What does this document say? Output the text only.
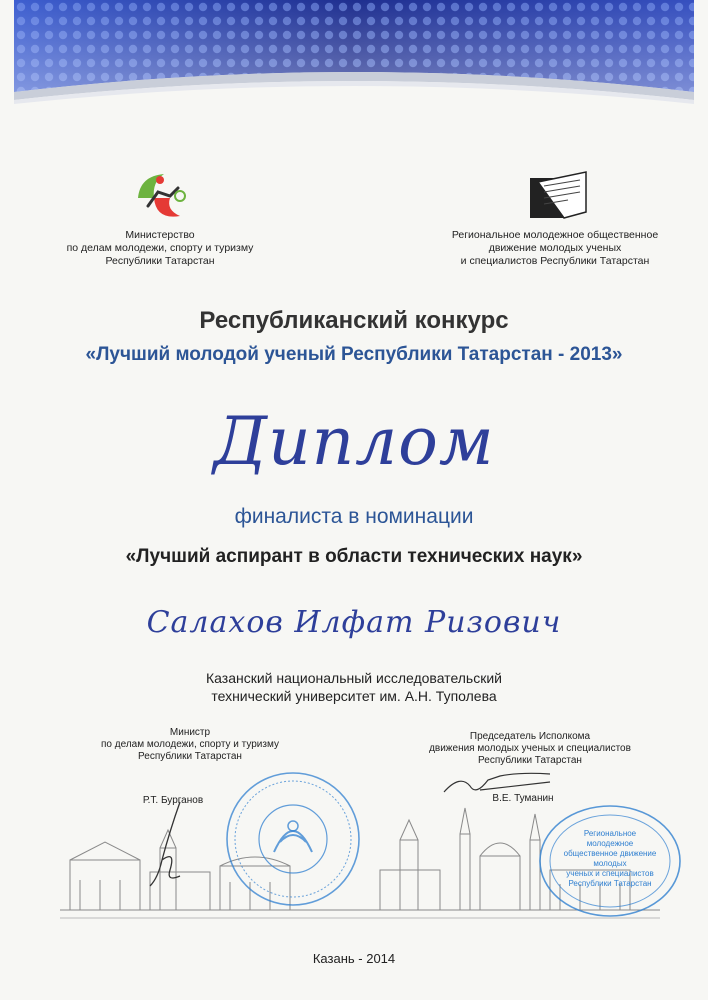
Министерство
по делам молодежи, спорту и туризму
Республики Татарстан
Региональное молодежное общественное
движение молодых ученых
и специалистов Республики Татарстан
Республиканский конкурс
«Лучший молодой ученый Республики Татарстан - 2013»
Диплом
финалиста в номинации
«Лучший аспирант в области технических наук»
Салахов Илфат Ризович
Казанский национальный исследовательский
технический университет им. А.Н. Туполева
Министр
по делам молодежи, спорту и туризму
Республики Татарстан
Председатель Исполкома
движения молодых ученых и специалистов
Республики Татарстан
Р.Т. Бурганов	В.Е. Туманин
Региональное
молодежное
общественное движение
молодых
ученых и специалистов
Республики Татарстан
Казань - 2014
